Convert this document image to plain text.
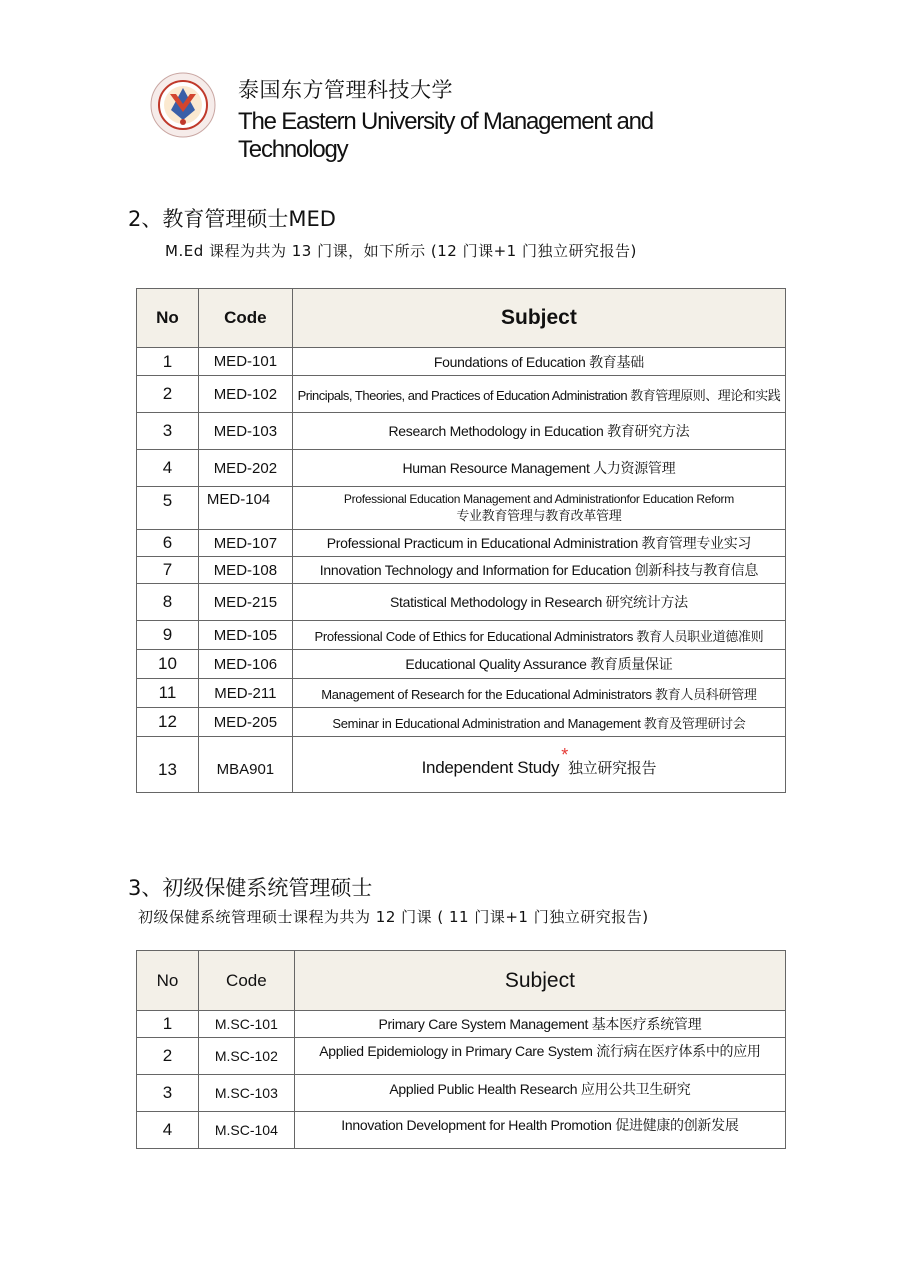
泰国东方管理科技大学
The Eastern University of Management and Technology
2、教育管理硕士MED
M.Ed 课程为共为 13 门课，如下所示 (12 门课+1 门独立研究报告)
No	Code	Subject
1	MED-101	Foundations of Education 教育基础
2	MED-102	Principals, Theories, and Practices of Education Administration 教育管理原则、理论和实践
3	MED-103	Research Methodology in Education 教育研究方法
4	MED-202	Human Resource Management 人力资源管理
5	MED-104	Professional Education Management and Administrationfor Education Reform
专业教育管理与教育改革管理

6	MED-107	Professional Practicum in Educational Administration 教育管理专业实习
7	MED-108	Innovation Technology and Information for Education 创新科技与教育信息
8	MED-215	Statistical Methodology in Research 研究统计方法
9	MED-105	Professional Code of Ethics for Educational Administrators 教育人员职业道德准则
10	MED-106	Educational Quality Assurance 教育质量保证
11	MED-211	Management of Research for the Educational Administrators 教育人员科研管理
12	MED-205	Seminar in Educational Administration and Management 教育及管理研讨会
13	MBA901	Independent Study*独立研究报告
3、初级保健系统管理硕士
初级保健系统管理硕士课程为共为 12 门课 ( 11 门课+1 门独立研究报告)
No	Code	Subject
1	M.SC-101	Primary Care System Management 基本医疗系统管理
2	M.SC-102	Applied Epidemiology in Primary Care System 流行病在医疗体系中的应用
3	M.SC-103	Applied Public Health Research 应用公共卫生研究
4	M.SC-104	Innovation Development for Health Promotion 促进健康的创新发展
